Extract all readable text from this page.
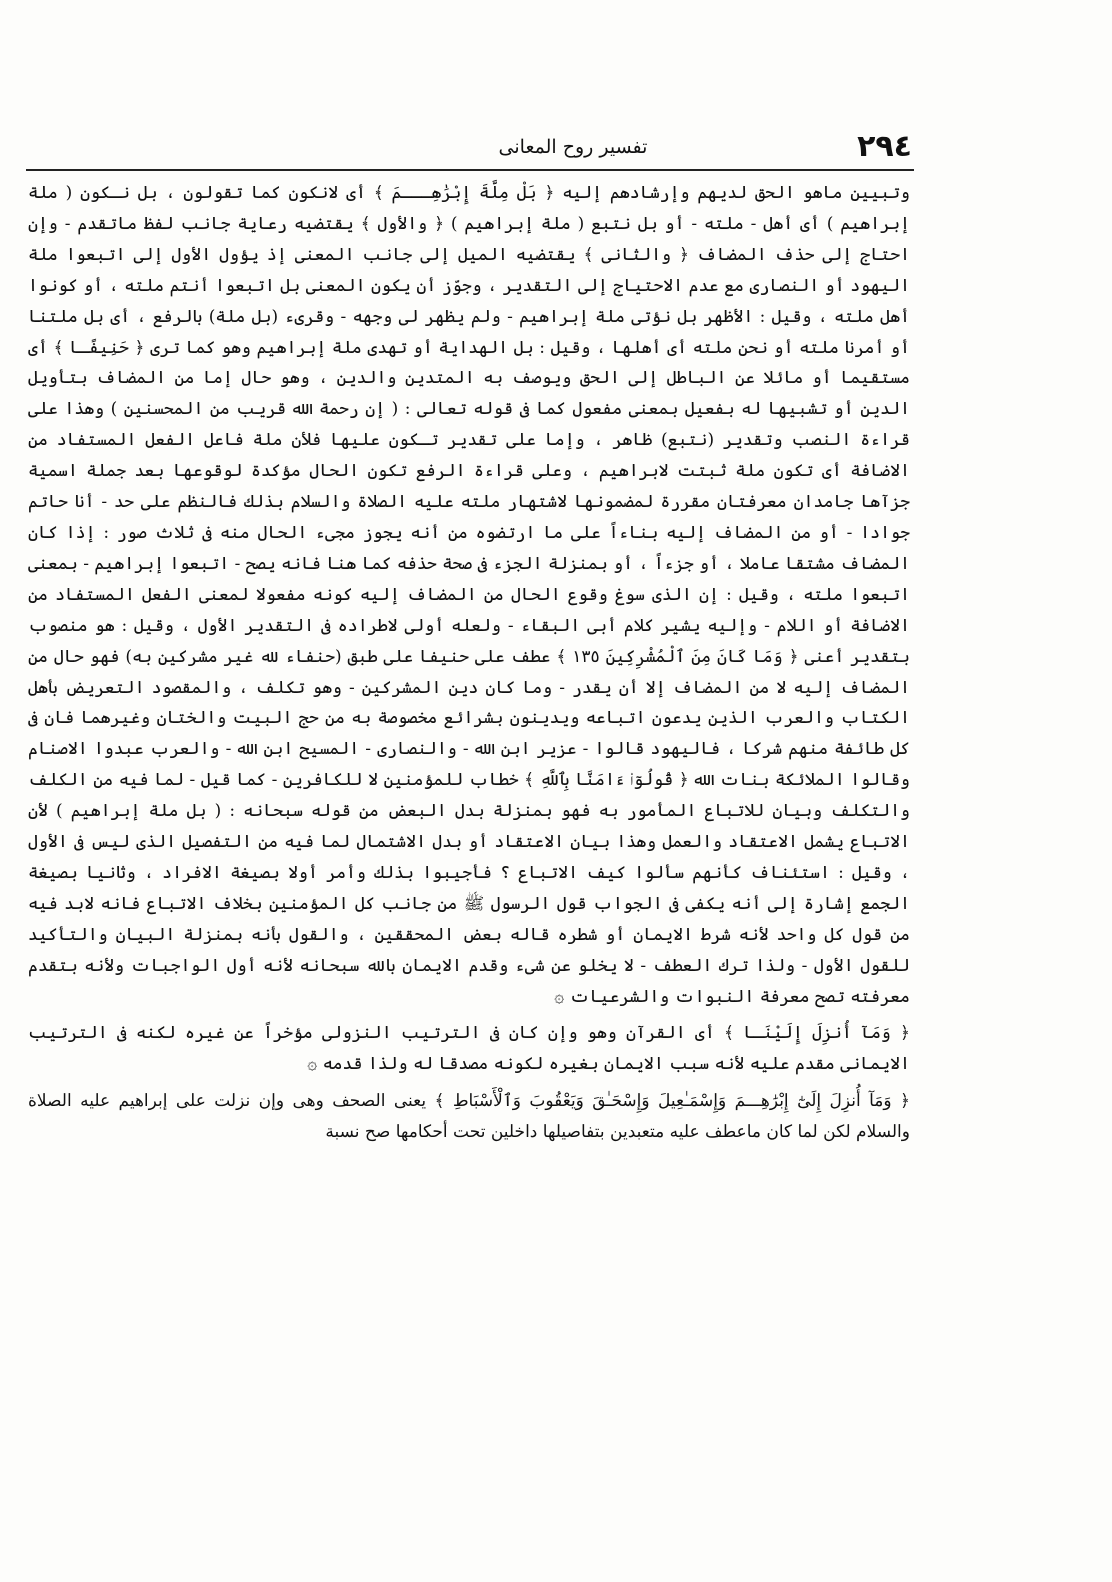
٢٩٤
تفسير روح المعانى

وتبيين ماهو الحق لديهم وإرشادهم إليه ﴿ بَلْ مِلَّةَ إِبْرَٰهِـــمَ ﴾ أى لانكون كما تقولون ، بل نـكون ( ملة إبراهيم ) أى أهل - ملته - أو بل نتبع ( ملة إبراهيم ) ﴿ والأول ﴾ يقتضيه رعاية جانب لفظ ماتقدم - وإن احتاج إلى حذف المضاف ﴿ والثانى ﴾ يقتضيه الميل إلى جانب المعنى إذ يؤول الأول إلى اتبعوا ملة اليهود أو النصارى مع عدم الاحتياج إلى التقدير ، وجوّز أن يكون المعنى بل اتبعوا أنتم ملته ، أو كونوا أهل ملته ، وقيل : الأظهر بل نؤتى ملة إبراهيم - ولم يظهر لى وجهه - وقرىء (بل ملة) بالرفع ، أى بل ملتنا أو أمرنا ملته أو نحن ملته أى أهلها ، وقيل : بل الهداية أو تهدى ملة إبراهيم وهو كما ترى ﴿ حَنِيفًـا ﴾ أى مستقيما أو مائلا عن الباطل إلى الحق ويوصف به المتدين والدين ، وهو حال إما من المضاف بتأويل الدين أو تشبيها له بفعيل بمعنى مفعول كما فى قوله تعالى : ( إن رحمة الله قريب من المحسنين ) وهذا على قراءة النصب وتقدير (نتبع) ظاهر ، وإما على تقدير تـكون عليها فلأن ملة فاعل الفعل المستفاد من الاضافة أى تكون ملة ثبتت لابراهيم ، وعلى قراءة الرفع تكون الحال مؤكدة لوقوعها بعد جملة اسمية جزآها جامدان معرفتان مقررة لمضمونها لاشتهار ملته عليه الصلاة والسلام بذلك فالنظم على حد - أنا حاتم جوادا - أو من المضاف إليه بناءاً على ما ارتضوه من أنه يجوز مجىء الحال منه فى ثلاث صور : إذا كان المضاف مشتقا عاملا ، أو جزءاً ، أو بمنزلة الجزء فى صحة حذفه كما هنا فانه يصح - اتبعوا إبراهيم - بمعنى اتبعوا ملته ، وقيل : إن الذى سوغ وقوع الحال من المضاف إليه كونه مفعولا لمعنى الفعل المستفاد من الاضافة أو اللام - وإليه يشير كلام أبى البقاء - ولعله أولى لاطراده فى التقدير الأول ، وقيل : هو منصوب بتقدير أعنى ﴿ وَمَا كَانَ مِنَ ٱلْمُشْرِكِينَ ١٣٥ ﴾ عطف على حنيفا على طبق (حنفاء لله غير مشركين به) فهو حال من المضاف إليه لا من المضاف إلا أن يقدر - وما كان دين المشركين - وهو تكلف ، والمقصود التعريض بأهل الكتاب والعرب الذين يدعون اتباعه ويدينون بشرائع مخصوصة به من حج البيت والختان وغيرهما فان فى كل طائفة منهم شركا ، فاليهود قالوا - عزير ابن الله - والنصارى - المسيح ابن الله - والعرب عبدوا الاصنام وقالوا الملائكة بنات الله ﴿ قُولُوٓا۟ ءَامَنَّا بِٱللَّهِ ﴾ خطاب للمؤمنين لا للكافرين - كما قيل - لما فيه من الكلف والتكلف وبيان للاتباع المأمور به فهو بمنزلة بدل البعض من قوله سبحانه : ( بل ملة إبراهيم ) لأن الاتباع يشمل الاعتقاد والعمل وهذا بيان الاعتقاد أو بدل الاشتمال لما فيه من التفصيل الذى ليس فى الأول ، وقيل : استئناف كأنهم سألوا كيف الاتباع ؟ فأجيبوا بذلك وأمر أولا بصيغة الافراد ، وثانيا بصيغة الجمع إشارة إلى أنه يكفى فى الجواب قول الرسول ﷺ من جانب كل المؤمنين بخلاف الاتباع فانه لابد فيه من قول كل واحد لأنه شرط الايمان أو شطره قاله بعض المحققين ، والقول بأنه بمنزلة البيان والتأكيد للقول الأول - ولذا ترك العطف - لا يخلو عن شىء وقدم الايمان بالله سبحانه لأنه أول الواجبات ولأنه بتقدم معرفته تصح معرفة النبوات والشرعيات ۞

﴿ وَمَآ أُنزِلَ إِلَيْنَـا ﴾ أى القرآن وهو وإن كان فى الترتيب النزولى مؤخراً عن غيره لكنه فى الترتيب الايمانى مقدم عليه لأنه سبب الايمان بغيره لكونه مصدقا له ولذا قدمه ۞

﴿ وَمَآ أُنزِلَ إِلَىٰٓ إِبْرَٰهِـــمَ وَإِسْمَـٰعِيلَ وَإِسْحَـٰقَ وَيَعْقُوبَ وَٱلْأَسْبَاطِ ﴾ يعنى الصحف وهى وإن نزلت على إبراهيم عليه الصلاة والسلام لكن لما كان ماعطف عليه متعبدين بتفاصيلها داخلين تحت أحكامها صح نسبة
